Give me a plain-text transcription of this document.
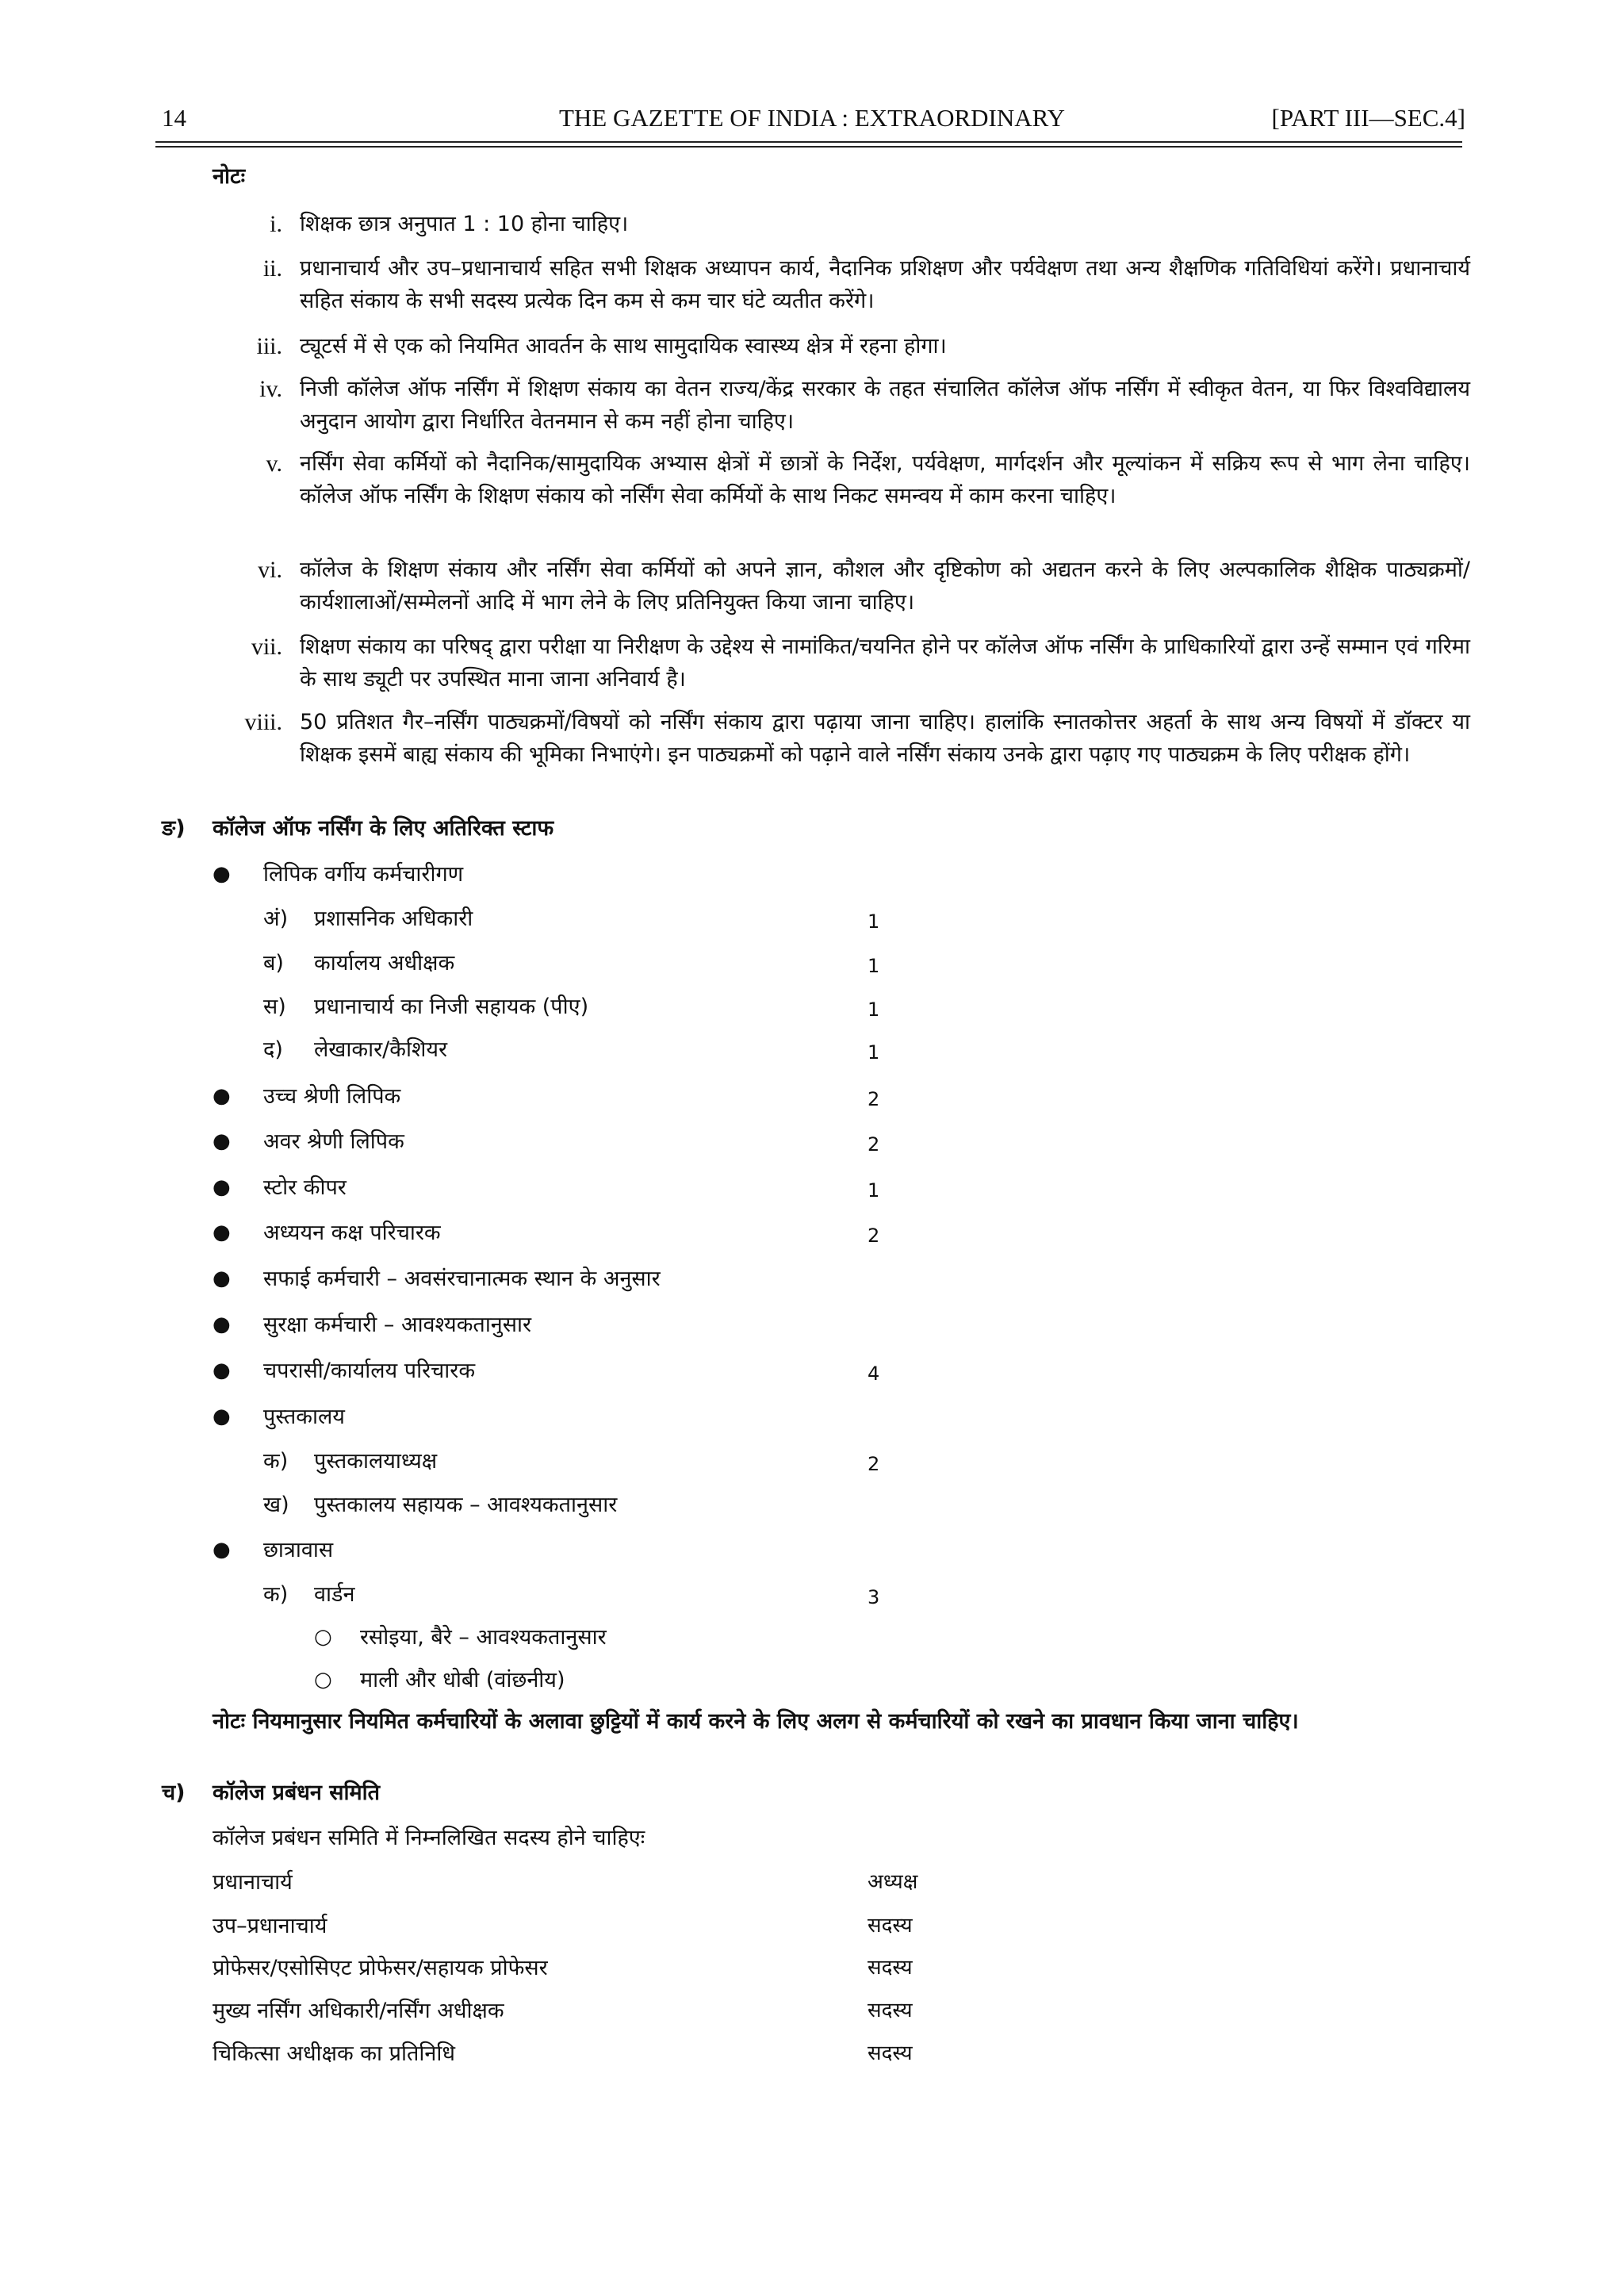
14	THE GAZETTE OF INDIA : EXTRAORDINARY	[PART III—SEC.4]
नोटः
i. शिक्षक छात्र अनुपात 1 : 10 होना चाहिए।
ii. प्रधानाचार्य और उप–प्रधानाचार्य सहित सभी शिक्षक अध्यापन कार्य, नैदानिक प्रशिक्षण और पर्यवेक्षण तथा अन्य शैक्षणिक गतिविधियां करेंगे। प्रधानाचार्य सहित संकाय के सभी सदस्य प्रत्येक दिन कम से कम चार घंटे व्यतीत करेंगे।
iii. ट्यूटर्स में से एक को नियमित आवर्तन के साथ सामुदायिक स्वास्थ्य क्षेत्र में रहना होगा।
iv. निजी कॉलेज ऑफ नर्सिंग में शिक्षण संकाय का वेतन राज्य/केंद्र सरकार के तहत संचालित कॉलेज ऑफ नर्सिंग में स्वीकृत वेतन, या फिर विश्वविद्यालय अनुदान आयोग द्वारा निर्धारित वेतनमान से कम नहीं होना चाहिए।
v. नर्सिंग सेवा कर्मियों को नैदानिक/सामुदायिक अभ्यास क्षेत्रों में छात्रों के निर्देश, पर्यवेक्षण, मार्गदर्शन और मूल्यांकन में सक्रिय रूप से भाग लेना चाहिए। कॉलेज ऑफ नर्सिंग के शिक्षण संकाय को नर्सिंग सेवा कर्मियों के साथ निकट समन्वय में काम करना चाहिए।
vi. कॉलेज के शिक्षण संकाय और नर्सिंग सेवा कर्मियों को अपने ज्ञान, कौशल और दृष्टिकोण को अद्यतन करने के लिए अल्पकालिक शैक्षिक पाठ्यक्रमों/कार्यशालाओं/सम्मेलनों आदि में भाग लेने के लिए प्रतिनियुक्त किया जाना चाहिए।
vii. शिक्षण संकाय का परिषद् द्वारा परीक्षा या निरीक्षण के उद्देश्य से नामांकित/चयनित होने पर कॉलेज ऑफ नर्सिंग के प्राधिकारियों द्वारा उन्हें सम्मान एवं गरिमा के साथ ड्यूटी पर उपस्थित माना जाना अनिवार्य है।
viii. 50 प्रतिशत गैर–नर्सिंग पाठ्यक्रमों/विषयों को नर्सिंग संकाय द्वारा पढ़ाया जाना चाहिए। हालांकि स्नातकोत्तर अहर्ता के साथ अन्य विषयों में डॉक्टर या शिक्षक इसमें बाह्य संकाय की भूमिका निभाएंगे। इन पाठ्यक्रमों को पढ़ाने वाले नर्सिंग संकाय उनके द्वारा पढ़ाए गए पाठ्यक्रम के लिए परीक्षक होंगे।
ङ) कॉलेज ऑफ नर्सिंग के लिए अतिरिक्त स्टाफ
● लिपिक वर्गीय कर्मचारीगण
अं) प्रशासनिक अधिकारी	1
ब) कार्यालय अधीक्षक	1
स) प्रधानाचार्य का निजी सहायक (पीए)	1
द) लेखाकार/कैशियर	1
● उच्च श्रेणी लिपिक	2
● अवर श्रेणी लिपिक	2
● स्टोर कीपर	1
● अध्ययन कक्ष परिचारक	2
● सफाई कर्मचारी – अवसंरचानात्मक स्थान के अनुसार
● सुरक्षा कर्मचारी – आवश्यकतानुसार
● चपरासी/कार्यालय परिचारक	4
● पुस्तकालय
क) पुस्तकालयाध्यक्ष	2
ख) पुस्तकालय सहायक – आवश्यकतानुसार
● छात्रावास
क) वार्डन	3
○ रसोइया, बैरे – आवश्यकतानुसार
○ माली और धोबी (वांछनीय)
नोटः नियमानुसार नियमित कर्मचारियों के अलावा छुट्टियों में कार्य करने के लिए अलग से कर्मचारियों को रखने का प्रावधान किया जाना चाहिए।
च) कॉलेज प्रबंधन समिति
कॉलेज प्रबंधन समिति में निम्नलिखित सदस्य होने चाहिएः
प्रधानाचार्य	अध्यक्ष
उप–प्रधानाचार्य	सदस्य
प्रोफेसर/एसोसिएट प्रोफेसर/सहायक प्रोफेसर	सदस्य
मुख्य नर्सिंग अधिकारी/नर्सिंग अधीक्षक	सदस्य
चिकित्सा अधीक्षक का प्रतिनिधि	सदस्य
